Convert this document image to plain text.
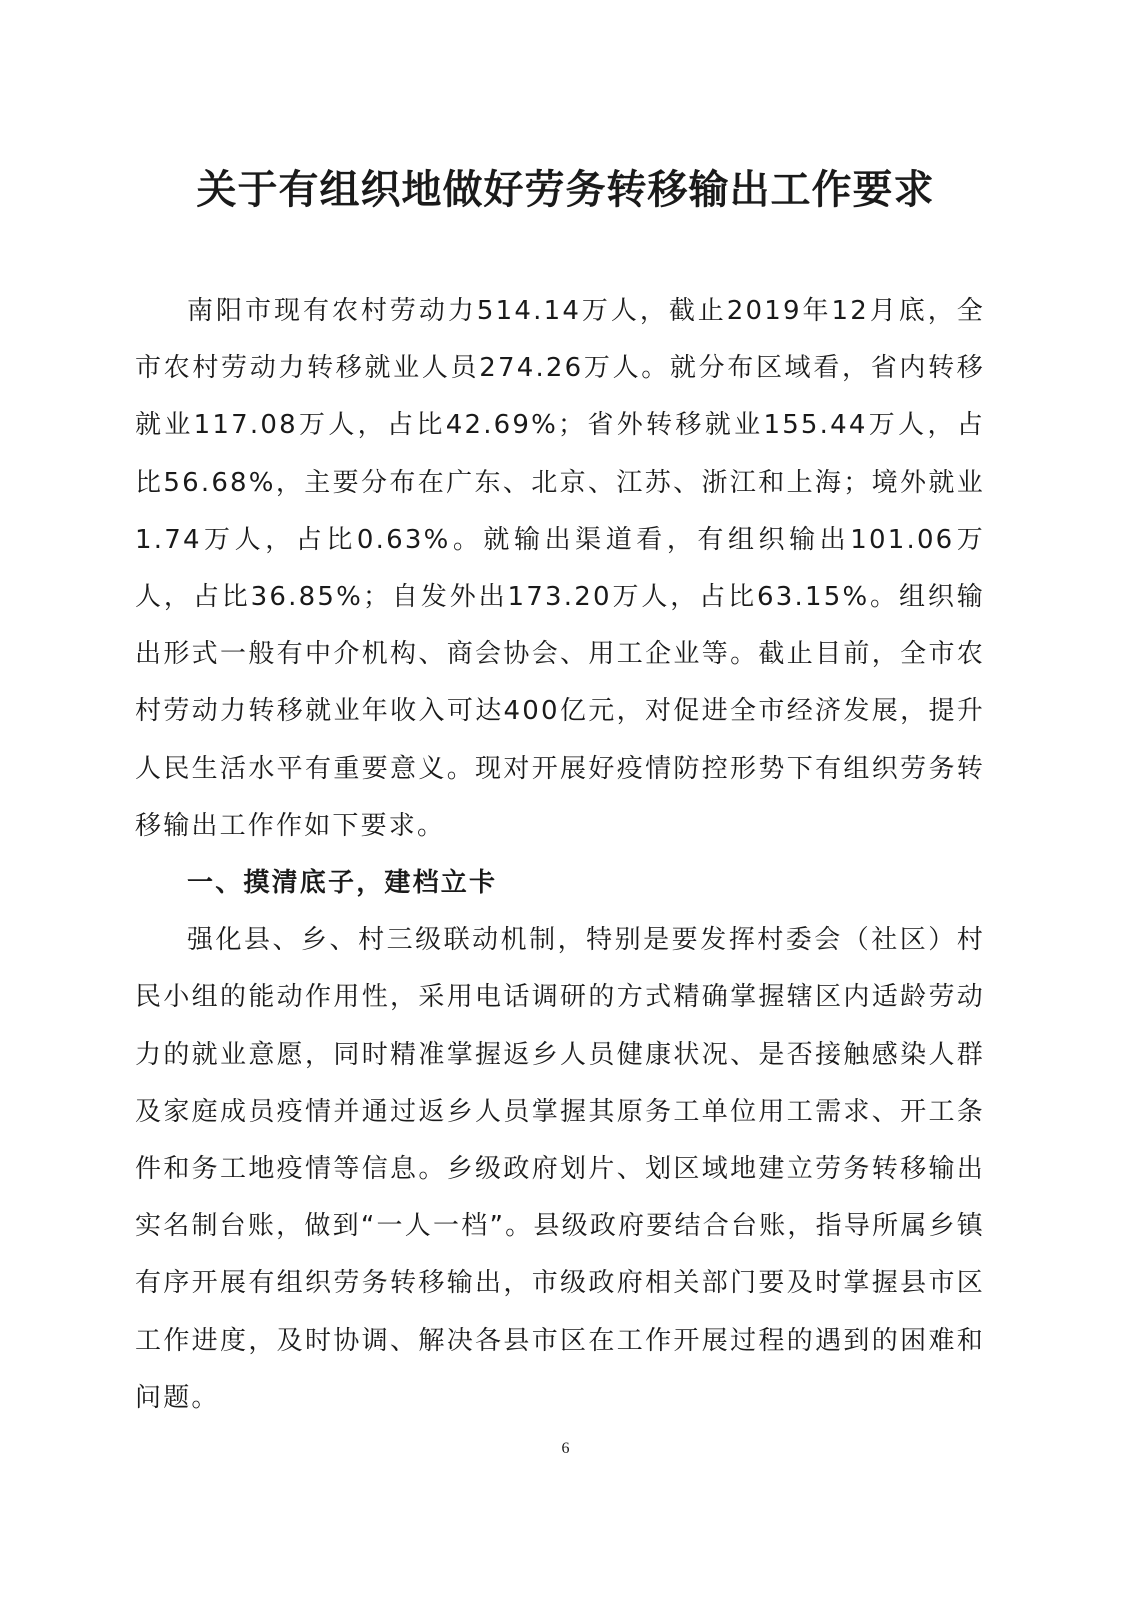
关于有组织地做好劳务转移输出工作要求

南阳市现有农村劳动力514.14万人，截止2019年12月底，全市农村劳动力转移就业人员274.26万人。就分布区域看，省内转移就业117.08万人，占比42.69%；省外转移就业155.44万人，占比56.68%，主要分布在广东、北京、江苏、浙江和上海；境外就业1.74万人，占比0.63%。就输出渠道看，有组织输出101.06万人，占比36.85%；自发外出173.20万人，占比63.15%。组织输出形式一般有中介机构、商会协会、用工企业等。截止目前，全市农村劳动力转移就业年收入可达400亿元，对促进全市经济发展，提升人民生活水平有重要意义。现对开展好疫情防控形势下有组织劳务转移输出工作作如下要求。

一、摸清底子，建档立卡

强化县、乡、村三级联动机制，特别是要发挥村委会（社区）村民小组的能动作用性，采用电话调研的方式精确掌握辖区内适龄劳动力的就业意愿，同时精准掌握返乡人员健康状况、是否接触感染人群及家庭成员疫情并通过返乡人员掌握其原务工单位用工需求、开工条件和务工地疫情等信息。乡级政府划片、划区域地建立劳务转移输出实名制台账，做到“一人一档”。县级政府要结合台账，指导所属乡镇有序开展有组织劳务转移输出，市级政府相关部门要及时掌握县市区工作进度，及时协调、解决各县市区在工作开展过程的遇到的困难和问题。

6
